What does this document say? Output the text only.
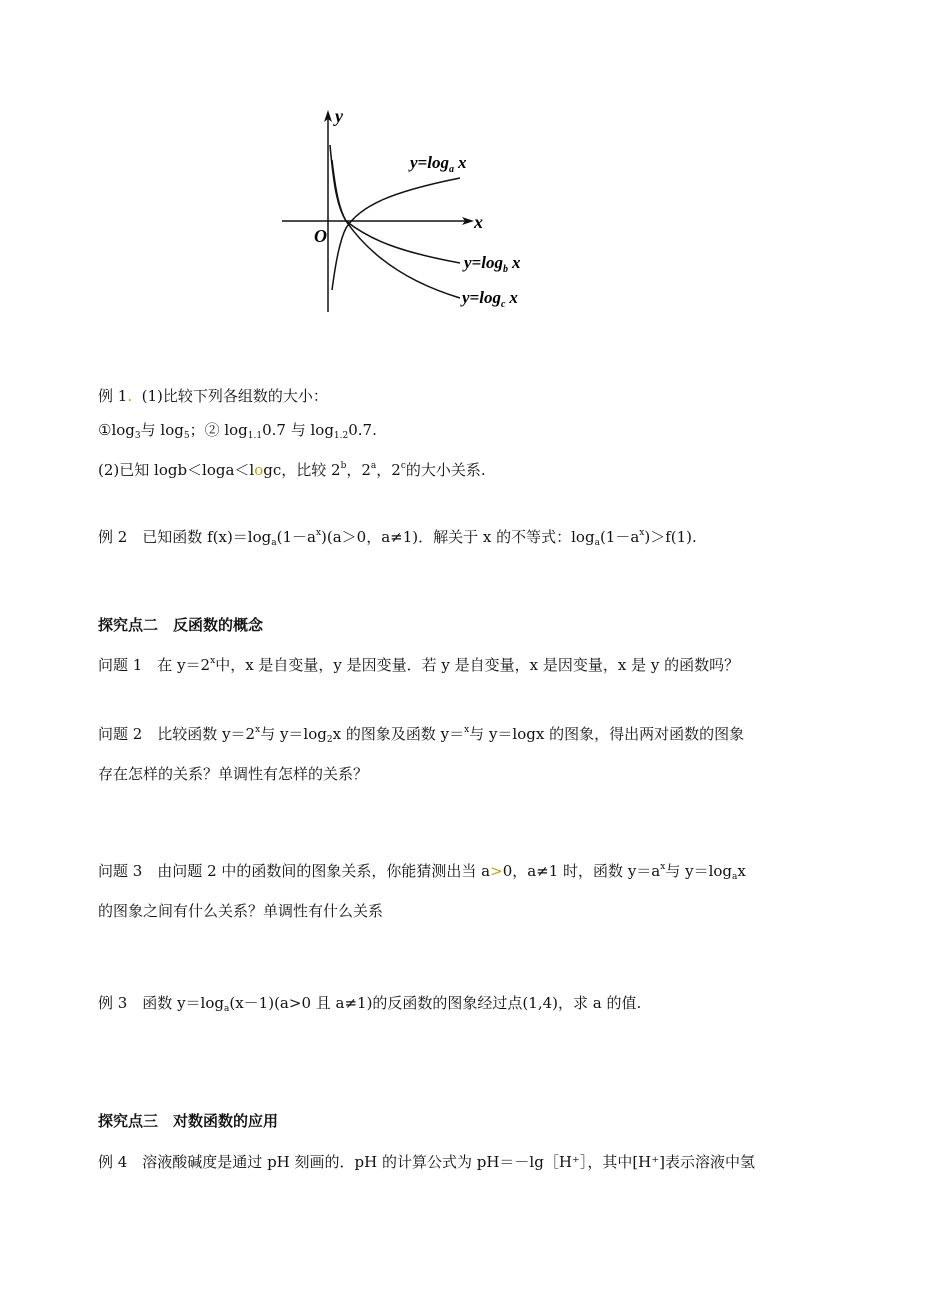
y
x
O
$y=\log_a$ x
$y=\log_b$ x
$y=\log_c$ x
例 1. (1)比较下列各组数的大小：
$①\log_3$与 $\log_5$；② $\log_{1.1}0.7$ 与 $\log_{1.2}0.7$.
(2)已知 logb＜loga＜logc，比较 2$^b$，2$^a$，2$^c$的大小关系.
例 2　已知函数 $f(x)=\log_a(1-a^x)(a>0$，a≠1)．解关于 x 的不等式：$\log_a(1-a^x)>f(1)$.
探究点二　反函数的概念
问题 1　在 $y=2^x$中，x 是自变量，y 是因变量．若 y 是自变量，x 是因变量，x 是 y 的函数吗？
问题 2　比较函数 $y=2^x$与 $y=\log_2x$ 的图象及函数 y＝$^x$与 y＝logx 的图象，得出两对函数的图象
存在怎样的关系？单调性有怎样的关系？
问题 3　由问题 2 中的函数间的图象关系，你能猜测出当 a>0，a≠1 时，函数 $y=a^x$与 $y=\log_ax$
的图象之间有什么关系？单调性有什么关系
例 3　函数 $y=\log_a(x-1)(a>0$ 且 a≠1)的反函数的图象经过点(1,4)，求 a 的值.
探究点三　对数函数的应用
例 4　溶液酸碱度是通过 pH 刻画的．pH 的计算公式为 pH＝－lg［H⁺］，其中[H⁺]表示溶液中氢
